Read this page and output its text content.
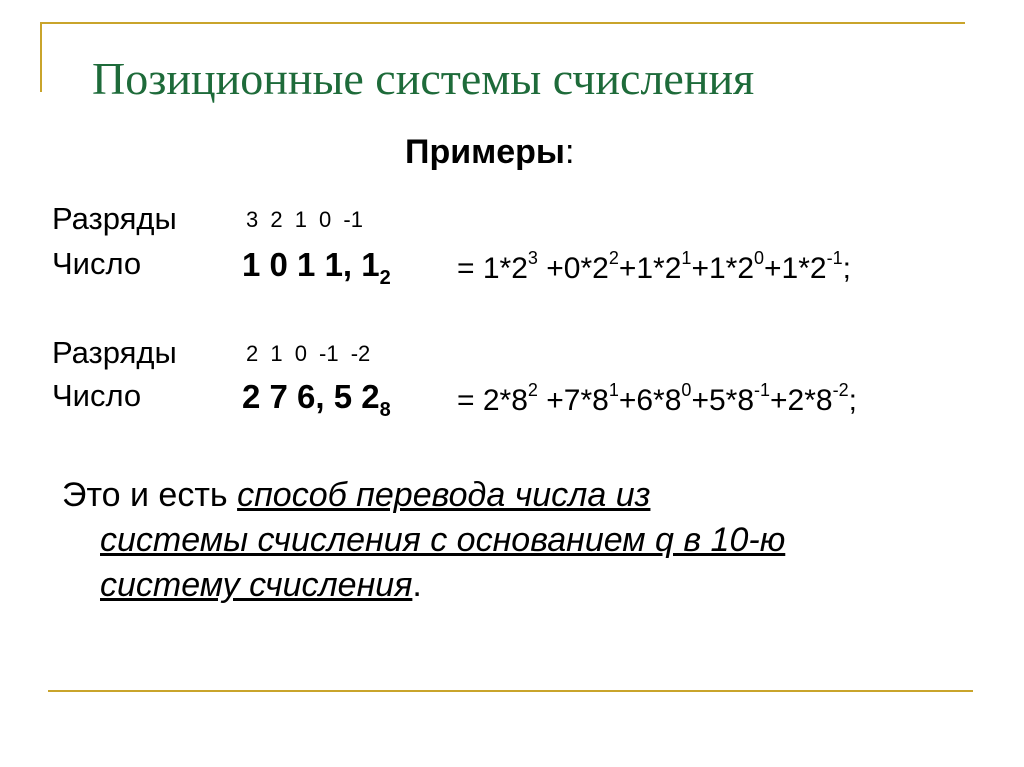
Позиционные системы счисления
Примеры:
Разряды	3 2 1 0 -1
Число	1 0 1 1, $1_2 = 1*2^3 +0*2^2+1*2^1+1*2^0+1*2^{-1}$;
Разряды	2 1 0 -1 -2
Число	2 7 6, 5 $2_8 = 2*8^2 +7*8^1+6*8^0+5*8^{-1}+2*8^{-2}$;

Это и есть способ перевода числа из
системы счисления с основанием q в 10-ю
систему счисления.
